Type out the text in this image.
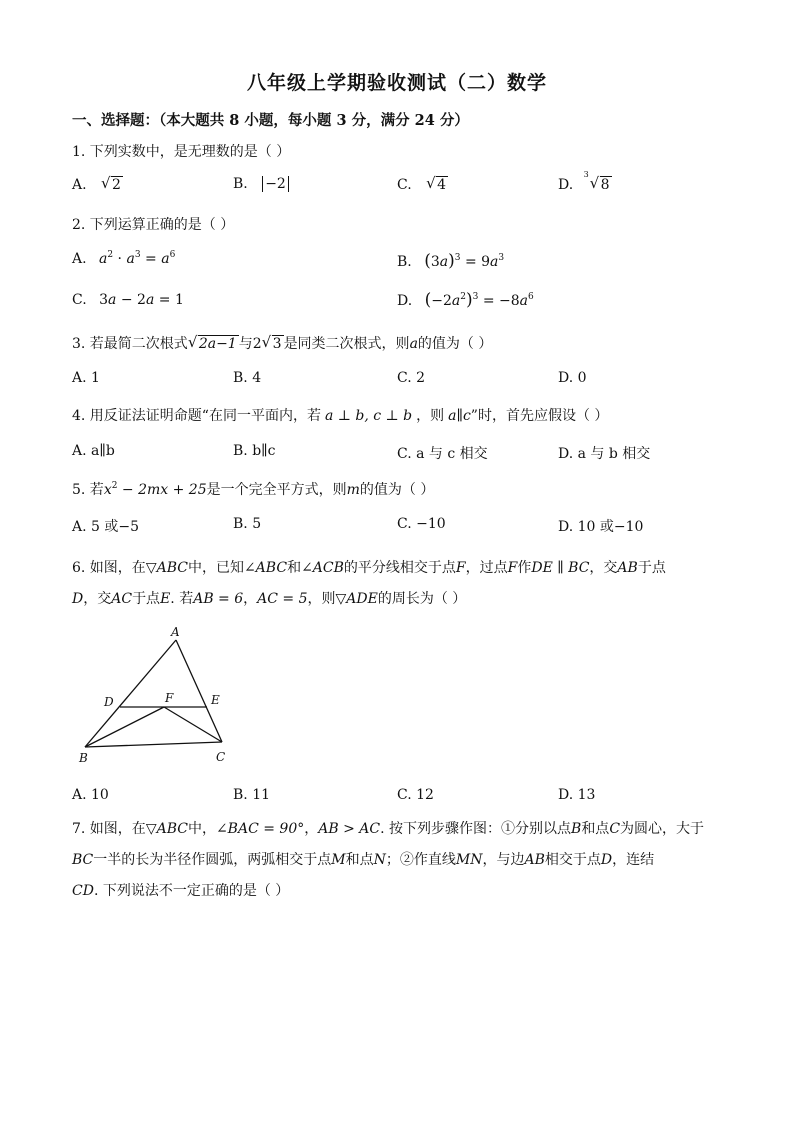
八年级上学期验收测试（二）数学
一、选择题：（本大题共 8 小题，每小题 3 分，满分 24 分）
1. 下列实数中，是无理数的是（ ）
A. √ 2	B. −2	C. √ 4	D.
3 √ 8
2. 下列运算正确的是（ ）
A. $a^2 \cdot a^3 = a^6$	B. $(3a)^3 = 9a^3$
C. 3a − 2a = 1	D. $(-2a^2)^3 = -8a^6$
3. 若最简二次根式 √ 2a−1 与2 √ 3 是同类二次根式，则a的值为（ ）
A. 1	B. 4	C. 2	D. 0
4. 用反证法证明命题“在同一平面内，若 a ⊥ b, c ⊥ b ，则 a∥c”时，首先应假设（ ）
A. a∥b	B. b∥c	C. a 与 c 相交	D. a 与 b 相交
5. 若$x^2 - 2mx + 25$是一个完全平方式，则m的值为（ ）
A. 5 或−5	B. 5	C. −10	D. 10 或−10
6. 如图，在▽ABC中，已知∠ABC和∠ACB的平分线相交于点F，过点F作DE ∥ BC，交AB于点
D，交AC于点E. 若AB = 6，AC = 5，则▽ADE的周长为（ ）
A
B	C
D	E
F
A. 10	B. 11	C. 12	D. 13
7. 如图，在▽ABC中，∠BAC = 90°，AB > AC. 按下列步骤作图：①分别以点B和点C为圆心，大于
BC一半的长为半径作圆弧，两弧相交于点M和点N；②作直线MN，与边AB相交于点D，连结
CD. 下列说法不一定正确的是（ ）
